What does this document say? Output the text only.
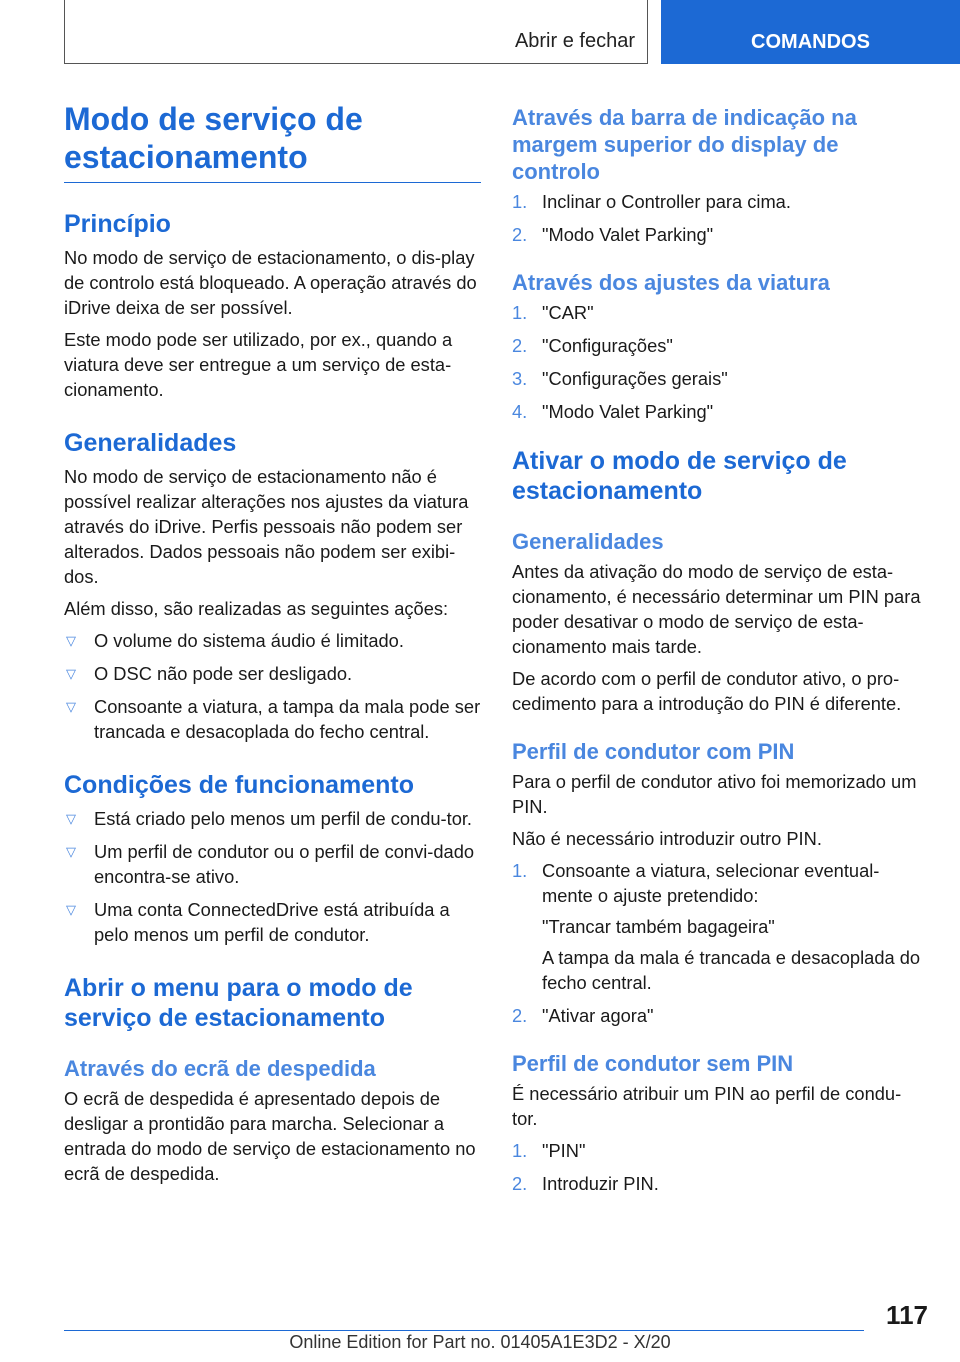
Abrir e fechar	COMANDOS
Modo de serviço de estacionamento
Princípio

No modo de serviço de estacionamento, o dis-play de controlo está bloqueado. A operação através do iDrive deixa de ser possível.

Este modo pode ser utilizado, por ex., quando a viatura deve ser entregue a um serviço de esta-cionamento.

Generalidades

No modo de serviço de estacionamento não é possível realizar alterações nos ajustes da viatura através do iDrive. Perfis pessoais não podem ser alterados. Dados pessoais não podem ser exibi-dos.

Além disso, são realizadas as seguintes ações:

▽ O volume do sistema áudio é limitado.
▽ O DSC não pode ser desligado.
▽ Consoante a viatura, a tampa da mala pode ser trancada e desacoplada do fecho central.
Condições de funcionamento
▽ Está criado pelo menos um perfil de condu-tor.
▽ Um perfil de condutor ou o perfil de convi-dado encontra-se ativo.
▽ Uma conta ConnectedDrive está atribuída a pelo menos um perfil de condutor.
Abrir o menu para o modo de serviço de estacionamento
Através do ecrã de despedida

O ecrã de despedida é apresentado depois de desligar a prontidão para marcha. Selecionar a entrada do modo de serviço de estacionamento no ecrã de despedida.

Através da barra de indicação na margem superior do display de controlo
1. Inclinar o Controller para cima.
2. "Modo Valet Parking"
Através dos ajustes da viatura
1. "CAR"
2. "Configurações"
3. "Configurações gerais"
4. "Modo Valet Parking"
Ativar o modo de serviço de estacionamento
Generalidades

Antes da ativação do modo de serviço de esta-cionamento, é necessário determinar um PIN para poder desativar o modo de serviço de esta-cionamento mais tarde.

De acordo com o perfil de condutor ativo, o pro-cedimento para a introdução do PIN é diferente.

Perfil de condutor com PIN

Para o perfil de condutor ativo foi memorizado um PIN.

Não é necessário introduzir outro PIN.

1. Consoante a viatura, selecionar eventual-mente o ajuste pretendido:

"Trancar também bagageira"

A tampa da mala é trancada e desacoplada do fecho central.

2. "Ativar agora"
Perfil de condutor sem PIN

É necessário atribuir um PIN ao perfil de condu-tor.

1. "PIN"
2. Introduzir PIN.
117
Online Edition for Part no. 01405A1E3D2 - X/20
